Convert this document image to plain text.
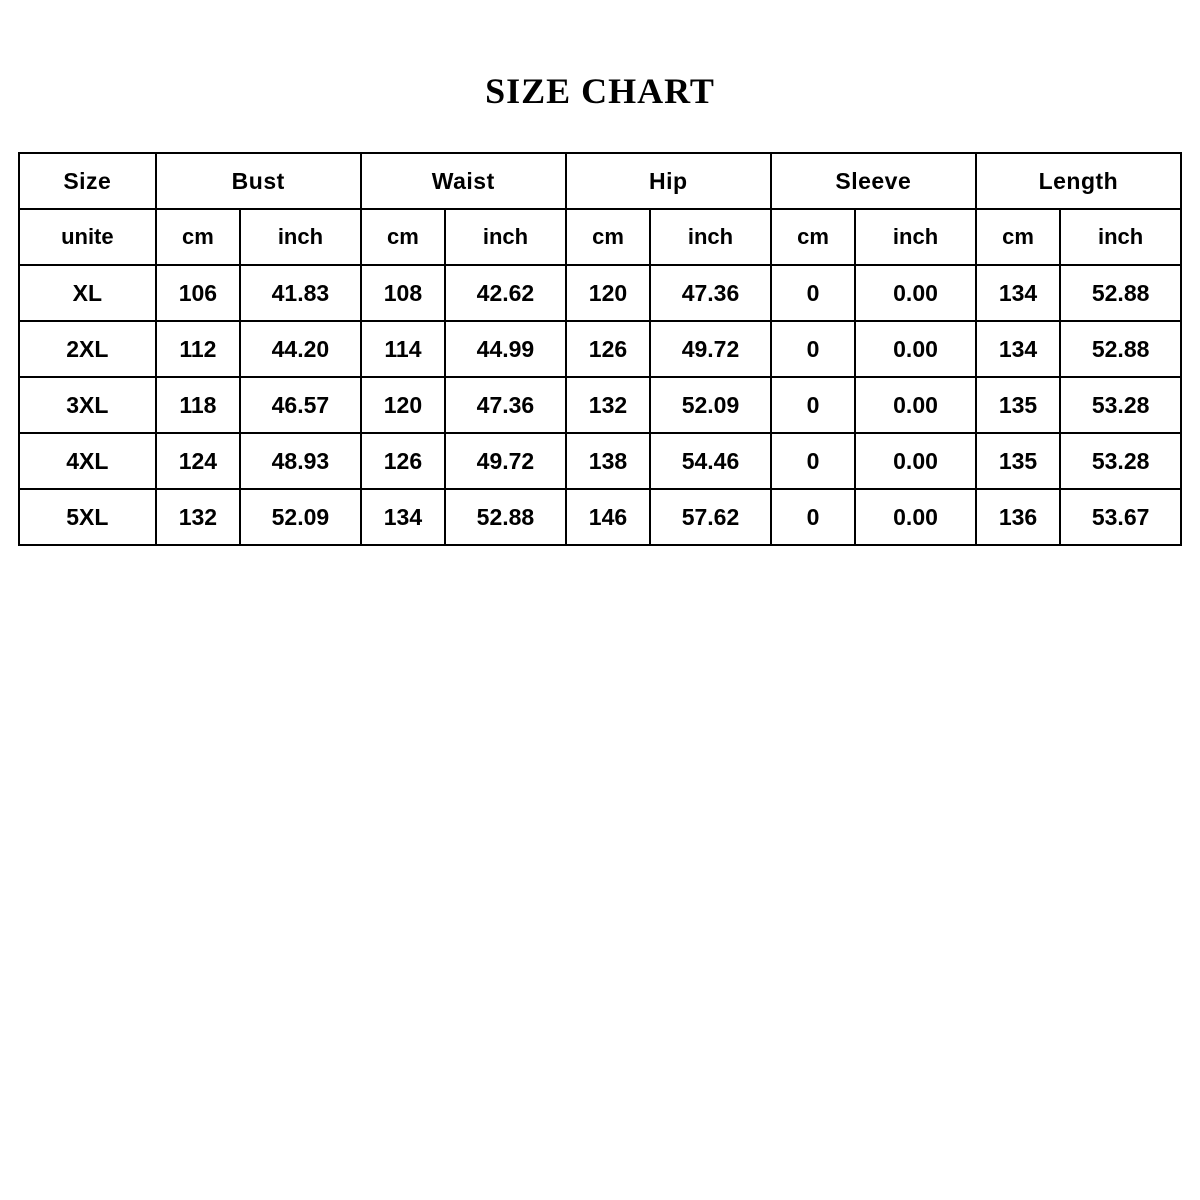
SIZE CHART
Size	Bust		Waist		Hip		Sleeve		Length	
unite	cm	inch	cm	inch	cm	inch	cm	inch	cm	inch
XL	106	41.83	108	42.62	120	47.36	0	0.00	134	52.88
2XL	112	44.20	114	44.99	126	49.72	0	0.00	134	52.88
3XL	118	46.57	120	47.36	132	52.09	0	0.00	135	53.28
4XL	124	48.93	126	49.72	138	54.46	0	0.00	135	53.28
5XL	132	52.09	134	52.88	146	57.62	0	0.00	136	53.67
